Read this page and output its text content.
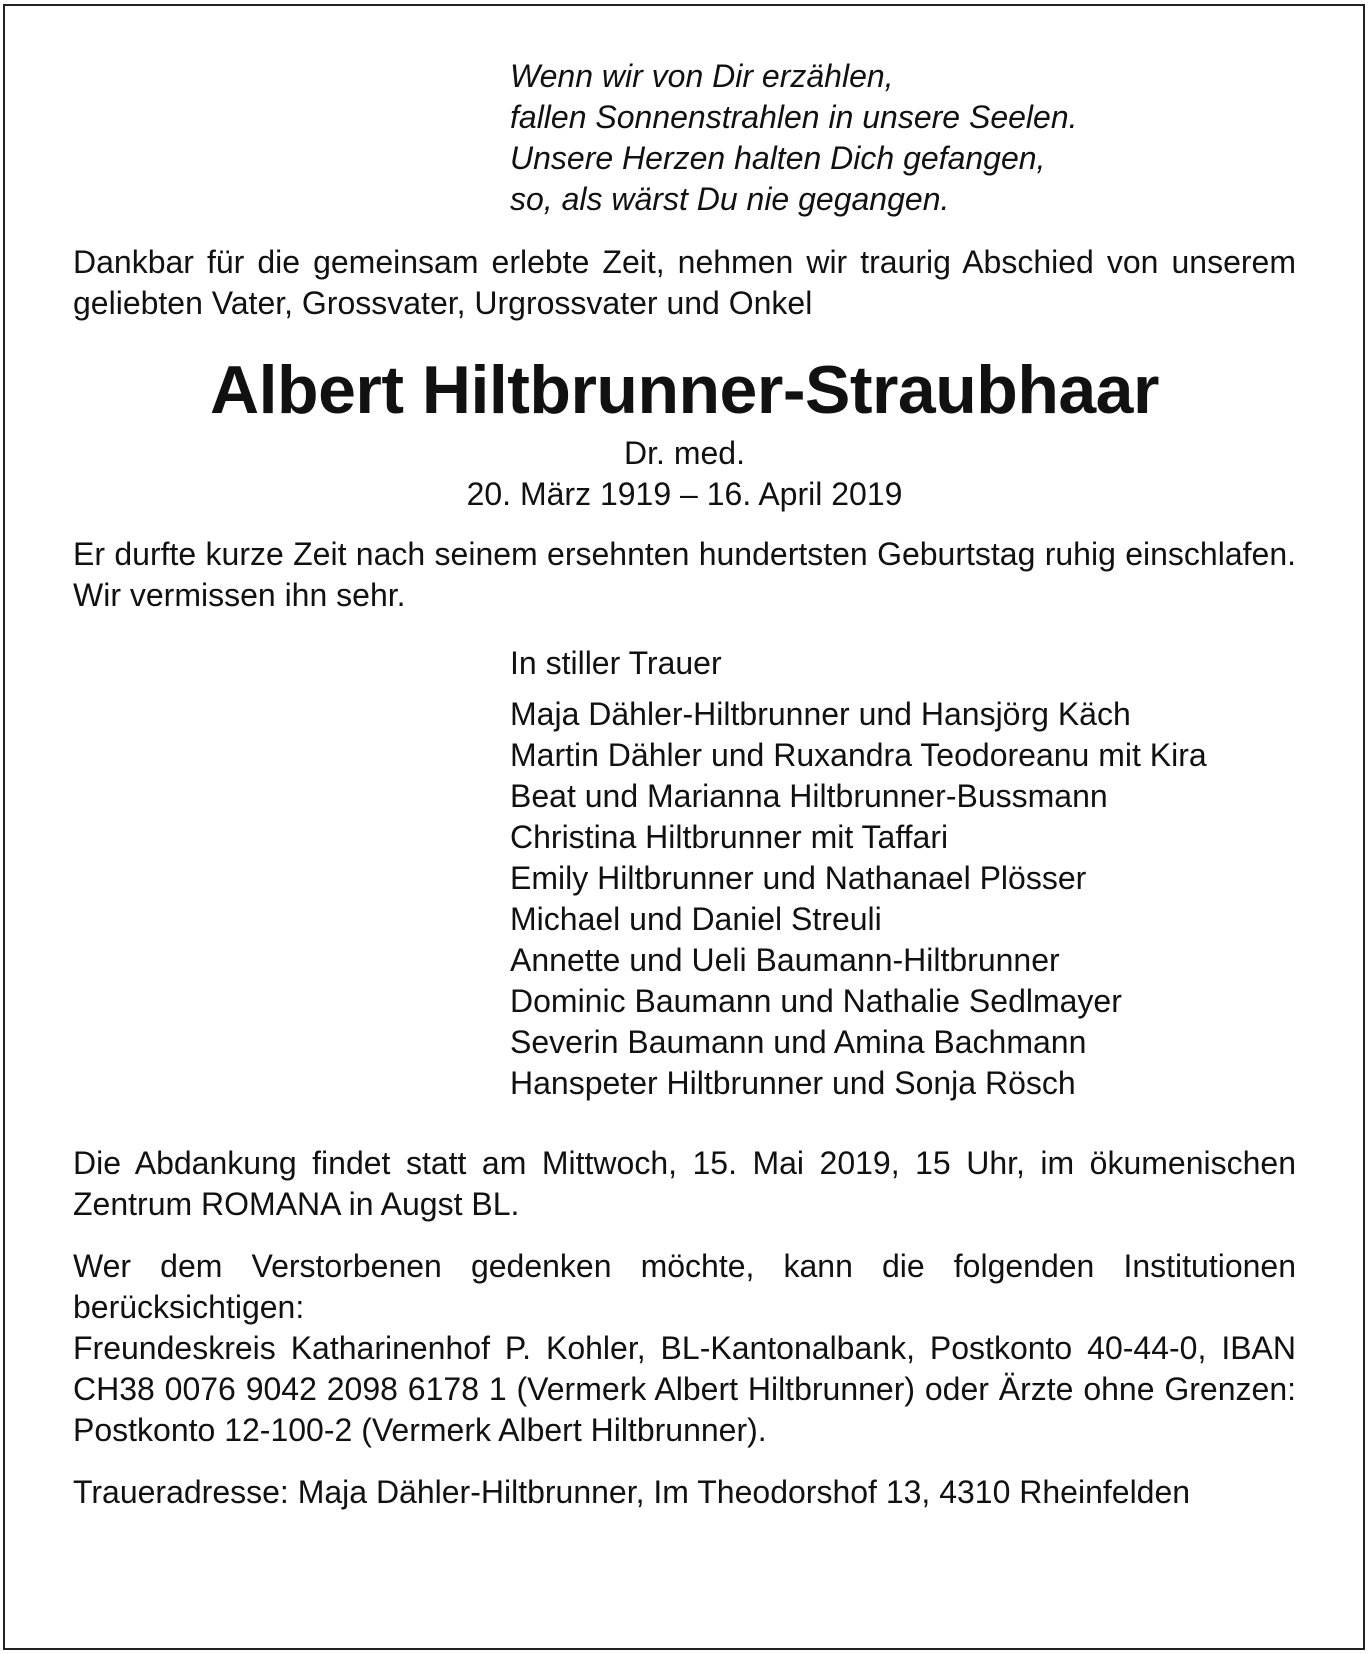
Wenn wir von Dir erzählen,
fallen Sonnenstrahlen in unsere Seelen.
Unsere Herzen halten Dich gefangen,
so, als wärst Du nie gegangen.
Dankbar für die gemeinsam erlebte Zeit, nehmen wir traurig Abschied von unserem geliebten Vater, Grossvater, Urgrossvater und Onkel
Albert Hiltbrunner-Straubhaar
Dr. med.
20. März 1919 – 16. April 2019
Er durfte kurze Zeit nach seinem ersehnten hundertsten Geburtstag ruhig einschlafen. Wir vermissen ihn sehr.
In stiller Trauer
Maja Dähler-Hiltbrunner und Hansjörg Käch
Martin Dähler und Ruxandra Teodoreanu mit Kira
Beat und Marianna Hiltbrunner-Bussmann
Christina Hiltbrunner mit Taffari
Emily Hiltbrunner und Nathanael Plösser
Michael und Daniel Streuli
Annette und Ueli Baumann-Hiltbrunner
Dominic Baumann und Nathalie Sedlmayer
Severin Baumann und Amina Bachmann
Hanspeter Hiltbrunner und Sonja Rösch
Die Abdankung findet statt am Mittwoch, 15. Mai 2019, 15 Uhr, im ökumenischen Zentrum ROMANA in Augst BL.
Wer dem Verstorbenen gedenken möchte, kann die folgenden Institutionen berücksichtigen:
Freundeskreis Katharinenhof P. Kohler, BL-Kantonalbank, Postkonto 40-44-0, IBAN CH38 0076 9042 2098 6178 1 (Vermerk Albert Hiltbrunner) oder Ärzte ohne Grenzen: Postkonto 12-100-2 (Vermerk Albert Hiltbrunner).
Traueradresse: Maja Dähler-Hiltbrunner, Im Theodorshof 13, 4310 Rheinfelden
